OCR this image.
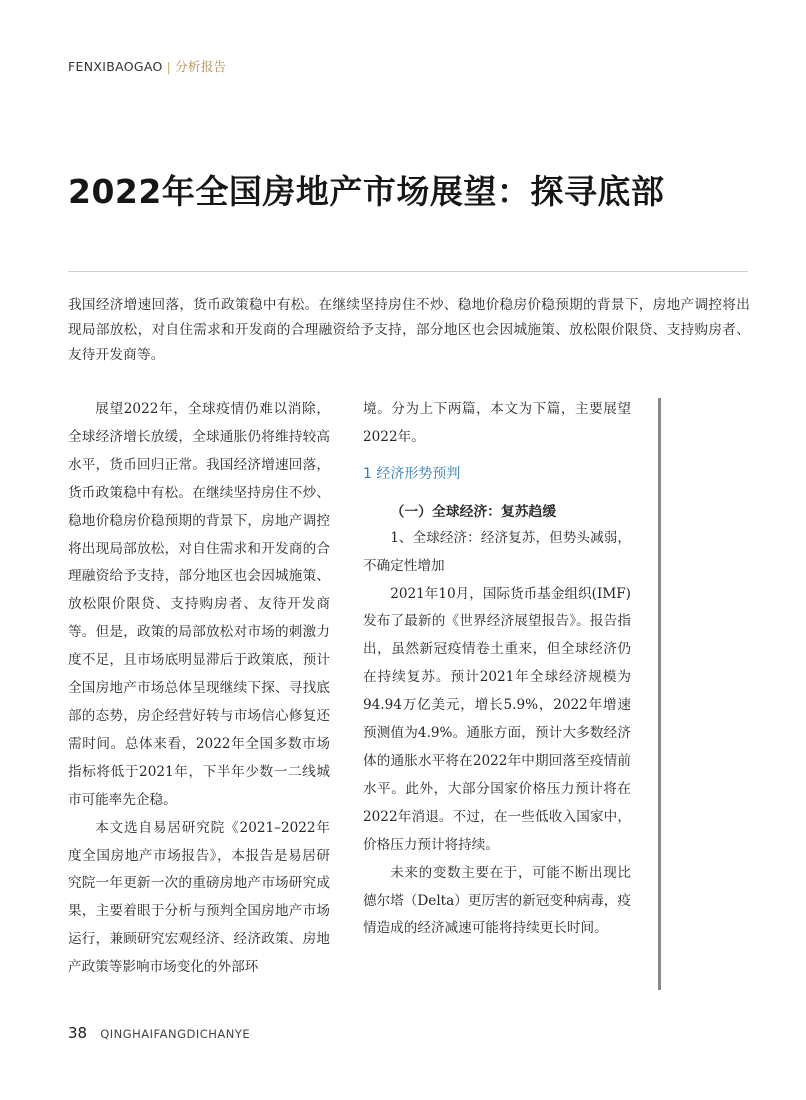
FENXIBAOGAO | 分析报告
2022年全国房地产市场展望：探寻底部
我国经济增速回落，货币政策稳中有松。在继续坚持房住不炒、稳地价稳房价稳预期的背景下，房地产调控将出现局部放松，对自住需求和开发商的合理融资给予支持，部分地区也会因城施策、放松限价限贷、支持购房者、友待开发商等。

展望2022年，全球疫情仍难以消除，全球经济增长放缓，全球通胀仍将维持较高水平，货币回归正常。我国经济增速回落，货币政策稳中有松。在继续坚持房住不炒、稳地价稳房价稳预期的背景下，房地产调控将出现局部放松，对自住需求和开发商的合理融资给予支持，部分地区也会因城施策、放松限价限贷、支持购房者、友待开发商等。但是，政策的局部放松对市场的刺激力度不足，且市场底明显滞后于政策底，预计全国房地产市场总体呈现继续下探、寻找底部的态势，房企经营好转与市场信心修复还需时间。总体来看，2022年全国多数市场指标将低于2021年，下半年少数一二线城市可能率先企稳。

本文选自易居研究院《2021–2022年度全国房地产市场报告》，本报告是易居研究院一年更新一次的重磅房地产市场研究成果，主要着眼于分析与预判全国房地产市场运行，兼顾研究宏观经济、经济政策、房地产政策等影响市场变化的外部环

境。分为上下两篇，本文为下篇，主要展望2022年。

1 经济形势预判
（一）全球经济：复苏趋缓

1、全球经济：经济复苏，但势头减弱，不确定性增加

2021年10月，国际货币基金组织(IMF)发布了最新的《世界经济展望报告》。报告指出，虽然新冠疫情卷土重来，但全球经济仍在持续复苏。预计2021年全球经济规模为94.94万亿美元，增长5.9%，2022年增速预测值为4.9%。通胀方面，预计大多数经济体的通胀水平将在2022年中期回落至疫情前水平。此外，大部分国家价格压力预计将在2022年消退。不过，在一些低收入国家中，价格压力预计将持续。

未来的变数主要在于，可能不断出现比德尔塔（Delta）更厉害的新冠变种病毒，疫情造成的经济减速可能将持续更长时间。

38 QINGHAIFANGDICHANYE
